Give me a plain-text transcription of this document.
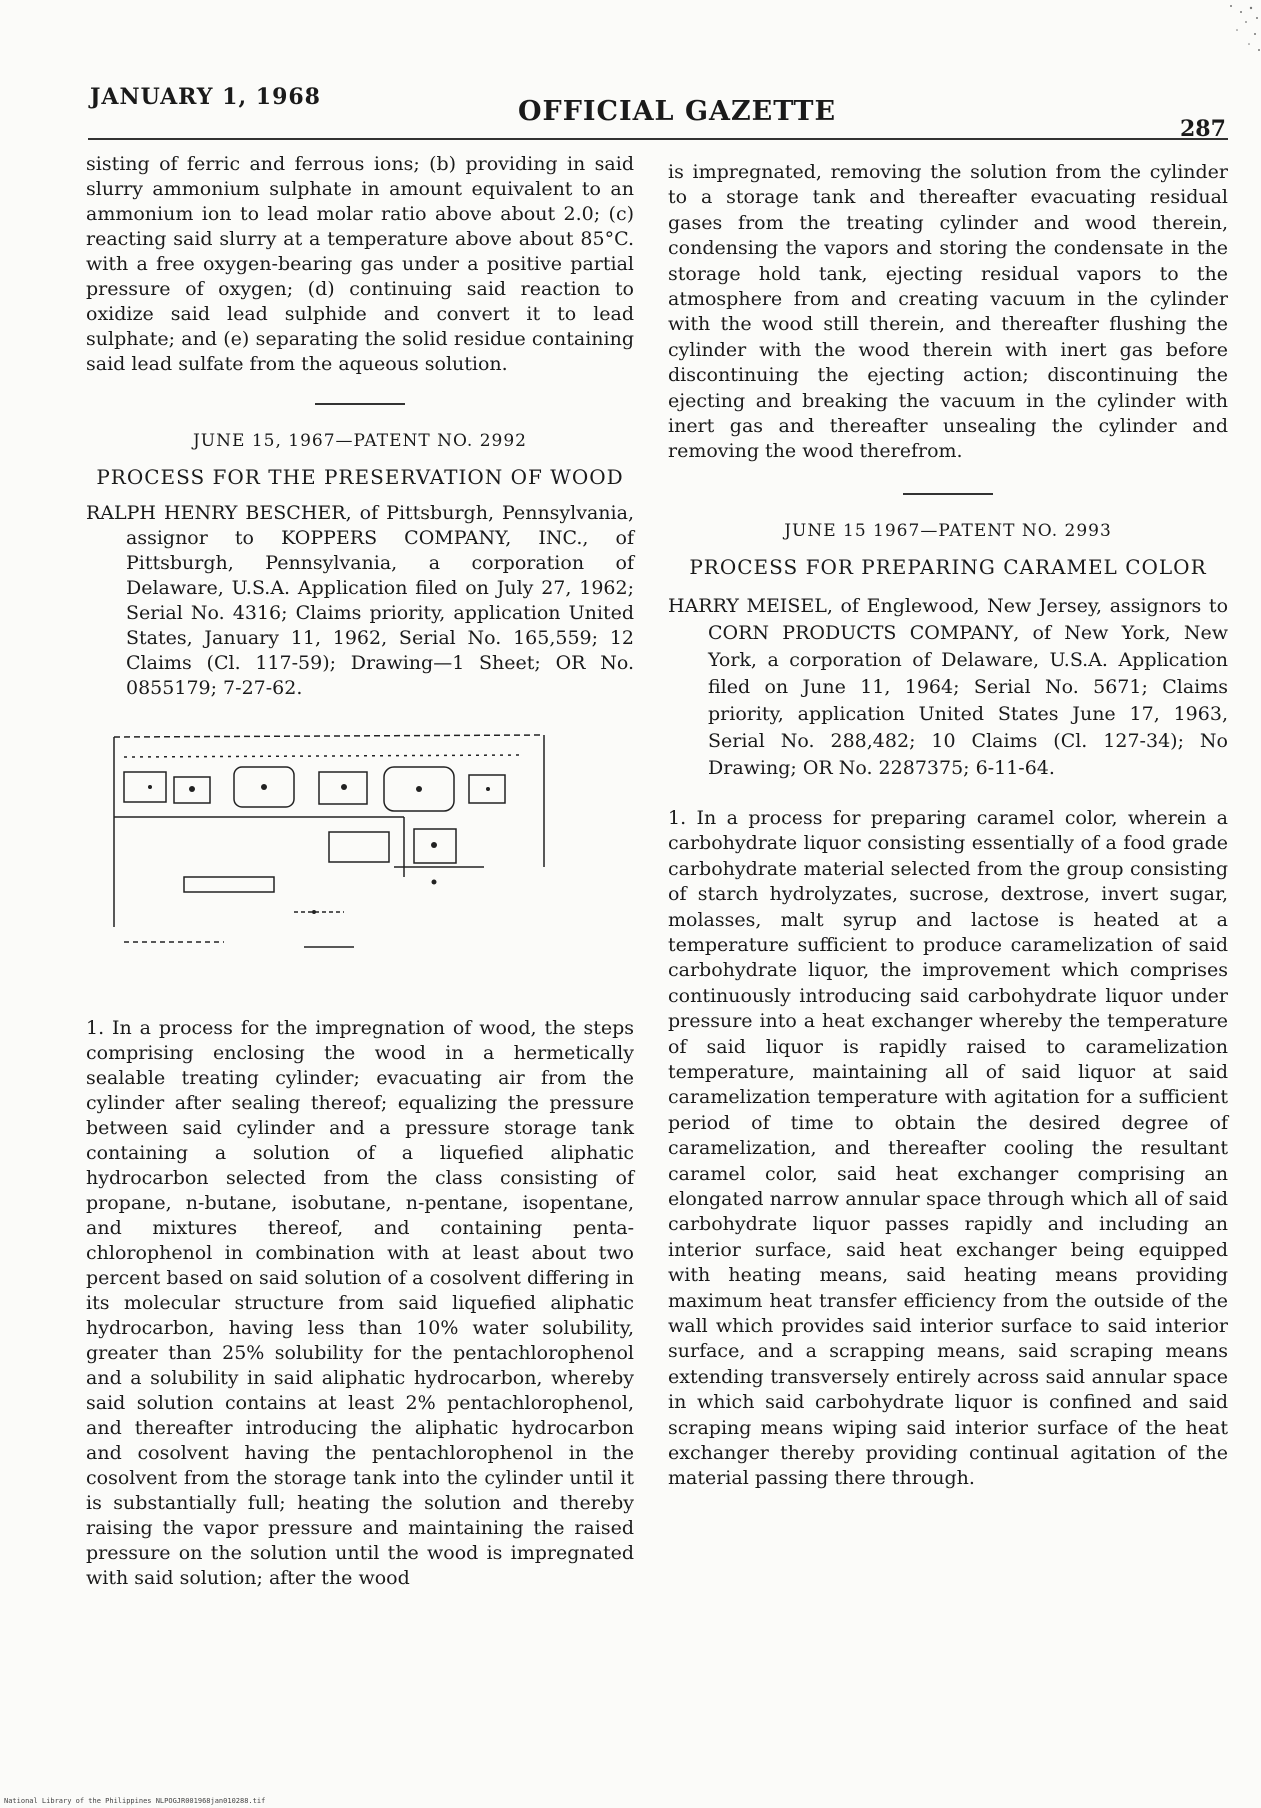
JANUARY 1, 1968	OFFICIAL GAZETTE
287

sisting of ferric and ferrous ions; (b) providing in said slurry ammonium sulphate in amount equivalent to an ammonium ion to lead molar ratio above about 2.0; (c) reacting said slurry at a temperature above about 85°C. with a free oxygen-bearing gas under a positive partial pressure of oxygen; (d) continuing said reaction to oxidize said lead sulphide and convert it to lead sulphate; and (e) separating the solid residue containing said lead sulfate from the aqueous solution.

JUNE 15, 1967—PATENT NO. 2992
PROCESS FOR THE PRESERVATION OF WOOD

RALPH HENRY BESCHER, of Pittsburgh, Pennsylvania, assignor to KOPPERS COMPANY, INC., of Pittsburgh, Pennsylvania, a corporation of Delaware, U.S.A. Application filed on July 27, 1962; Serial No. 4316; Claims priority, application United States, January 11, 1962, Serial No. 165,559; 12 Claims (Cl. 117-59); Drawing—1 Sheet; OR No. 0855179; 7-27-62.

1. In a process for the impregnation of wood, the steps comprising enclosing the wood in a hermetically sealable treating cylinder; evacuating air from the cylinder after sealing thereof; equalizing the pressure between said cylinder and a pressure storage tank containing a solution of a liquefied aliphatic hydrocarbon selected from the class consisting of propane, n-butane, isobutane, n-pentane, isopentane, and mixtures thereof, and containing penta-chlorophenol in combination with at least about two percent based on said solution of a cosolvent differing in its molecular structure from said liquefied aliphatic hydrocarbon, having less than 10% water solubility, greater than 25% solubility for the pentachlorophenol and a solubility in said aliphatic hydrocarbon, whereby said solution contains at least 2% pentachlorophenol, and thereafter introducing the aliphatic hydrocarbon and cosolvent having the pentachlorophenol in the cosolvent from the storage tank into the cylinder until it is substantially full; heating the solution and thereby raising the vapor pressure and maintaining the raised pressure on the solution until the wood is impregnated with said solution; after the wood

is impregnated, removing the solution from the cylinder to a storage tank and thereafter evacuating residual gases from the treating cylinder and wood therein, condensing the vapors and storing the condensate in the storage hold tank, ejecting residual vapors to the atmosphere from and creating vacuum in the cylinder with the wood still therein, and thereafter flushing the cylinder with the wood therein with inert gas before discontinuing the ejecting action; discontinuing the ejecting and breaking the vacuum in the cylinder with inert gas and thereafter unsealing the cylinder and removing the wood therefrom.

JUNE 15 1967—PATENT NO. 2993
PROCESS FOR PREPARING CARAMEL COLOR

HARRY MEISEL, of Englewood, New Jersey, assignors to CORN PRODUCTS COMPANY, of New York, New York, a corporation of Delaware, U.S.A. Application filed on June 11, 1964; Serial No. 5671; Claims priority, application United States June 17, 1963, Serial No. 288,482; 10 Claims (Cl. 127-34); No Drawing; OR No. 2287375; 6-11-64.

1. In a process for preparing caramel color, wherein a carbohydrate liquor consisting essentially of a food grade carbohydrate material selected from the group consisting of starch hydrolyzates, sucrose, dextrose, invert sugar, molasses, malt syrup and lactose is heated at a temperature sufficient to produce caramelization of said carbohydrate liquor, the improvement which comprises continuously introducing said carbohydrate liquor under pressure into a heat exchanger whereby the temperature of said liquor is rapidly raised to caramelization temperature, maintaining all of said liquor at said caramelization temperature with agitation for a sufficient period of time to obtain the desired degree of caramelization, and thereafter cooling the resultant caramel color, said heat exchanger comprising an elongated narrow annular space through which all of said carbohydrate liquor passes rapidly and including an interior surface, said heat exchanger being equipped with heating means, said heating means providing maximum heat transfer efficiency from the outside of the wall which provides said interior surface to said interior surface, and a scrapping means, said scraping means extending transversely entirely across said annular space in which said carbohydrate liquor is confined and said scraping means wiping said interior surface of the heat exchanger thereby providing continual agitation of the material passing there through.

National Library of the Philippines NLPOGJR001968jan010288.tif
